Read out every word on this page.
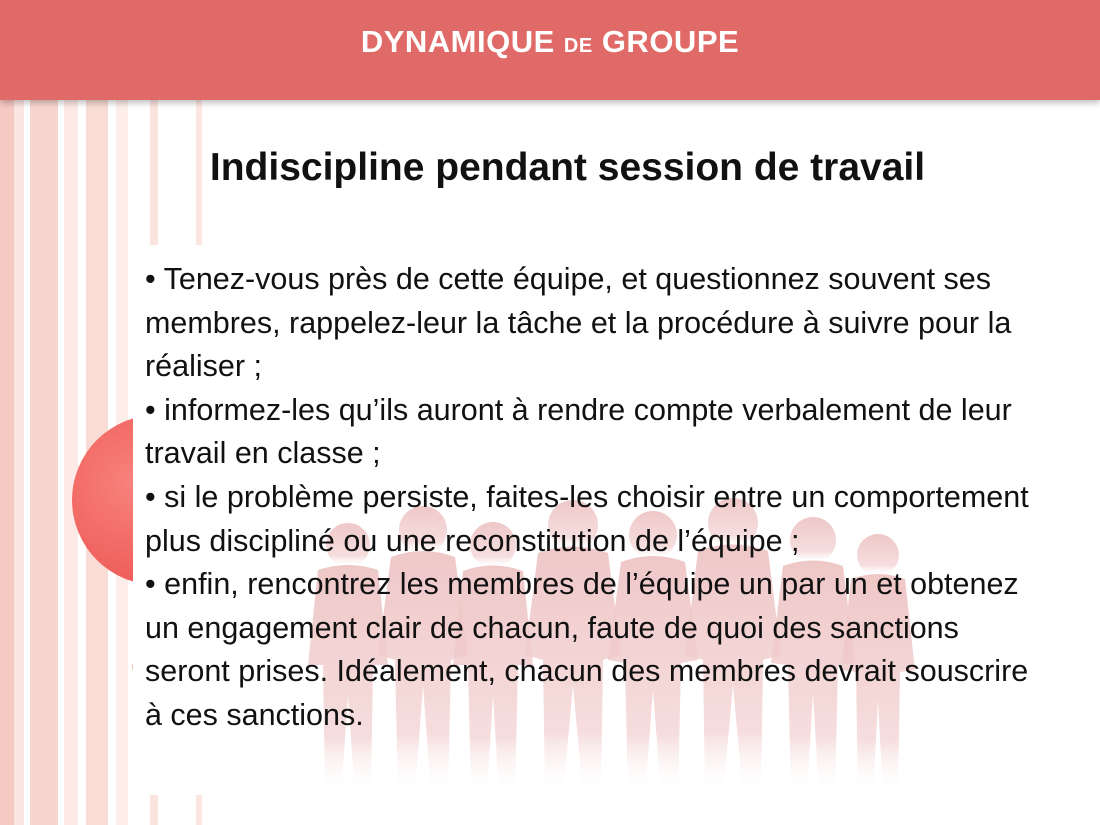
DYNAMIQUE DE GROUPE
Indiscipline pendant session de travail

• Tenez-vous près de cette équipe, et questionnez souvent ses membres, rappelez-leur la tâche et la procédure à suivre pour la réaliser ;

• informez-les qu’ils auront à rendre compte verbalement de leur travail en classe ;

• si le problème persiste, faites-les choisir entre un comportement plus discipliné ou une reconstitution de l’équipe ;

• enfin, rencontrez les membres de l’équipe un par un et obtenez un engagement clair de chacun, faute de quoi des sanctions seront prises. Idéalement, chacun des membres devrait souscrire à ces sanctions.
